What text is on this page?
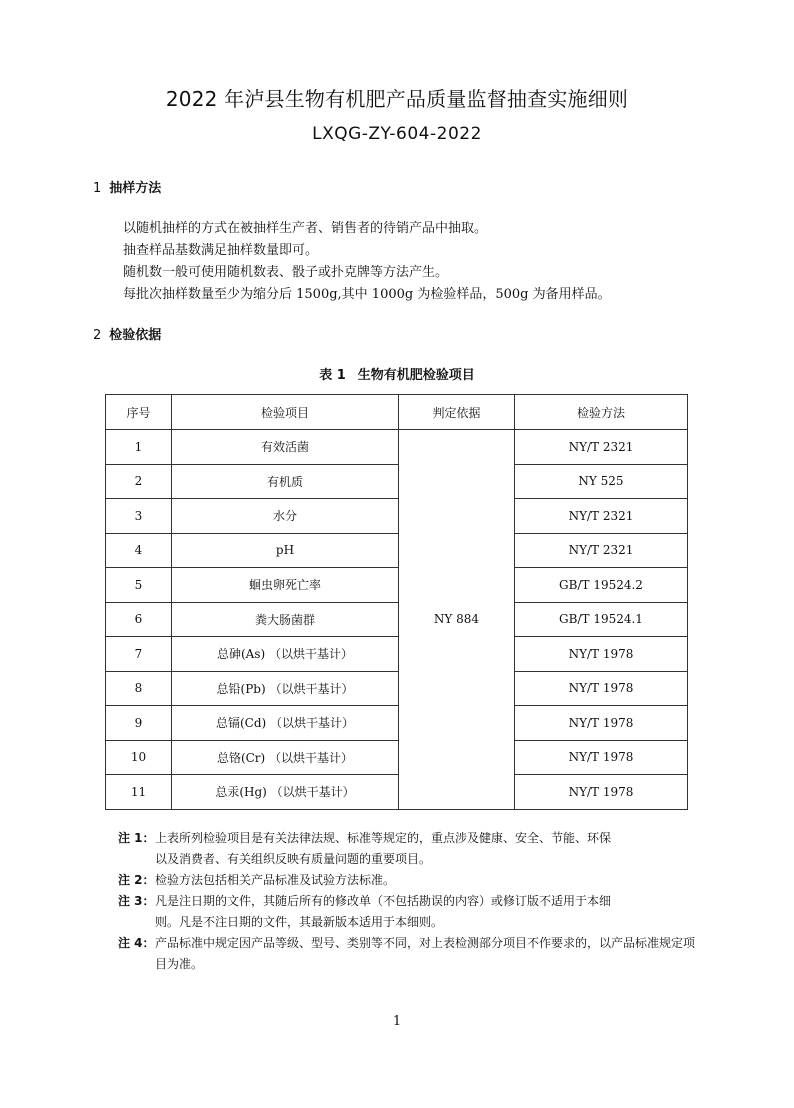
2022 年泸县生物有机肥产品质量监督抽查实施细则
LXQG-ZY-604-2022
1 抽样方法
以随机抽样的方式在被抽样生产者、销售者的待销产品中抽取。
抽查样品基数满足抽样数量即可。
随机数一般可使用随机数表、骰子或扑克牌等方法产生。
每批次抽样数量至少为缩分后 1500g,其中 1000g 为检验样品，500g 为备用样品。
2 检验依据
表 1 生物有机肥检验项目
序号	检验项目	判定依据	检验方法
1	有效活菌	NY 884	NY/T 2321
2	有机质		NY 525
3	水分		NY/T 2321
4	pH		NY/T 2321
5	蛔虫卵死亡率		GB/T 19524.2
6	粪大肠菌群		GB/T 19524.1
7	总砷(As) （以烘干基计）		NY/T 1978
8	总铅(Pb) （以烘干基计）		NY/T 1978
9	总镉(Cd) （以烘干基计）		NY/T 1978
10	总铬(Cr) （以烘干基计）		NY/T 1978
11	总汞(Hg) （以烘干基计）		NY/T 1978
注 1： 上表所列检验项目是有关法律法规、标准等规定的，重点涉及健康、安全、节能、环保
以及消费者、有关组织反映有质量问题的重要项目。
注 2： 检验方法包括相关产品标准及试验方法标准。
注 3： 凡是注日期的文件，其随后所有的修改单（不包括勘误的内容）或修订版不适用于本细
则。凡是不注日期的文件，其最新版本适用于本细则。
注 4： 产品标准中规定因产品等级、型号、类别等不同，对上表检测部分项目不作要求的，以产品标准规定项
目为准。
1
